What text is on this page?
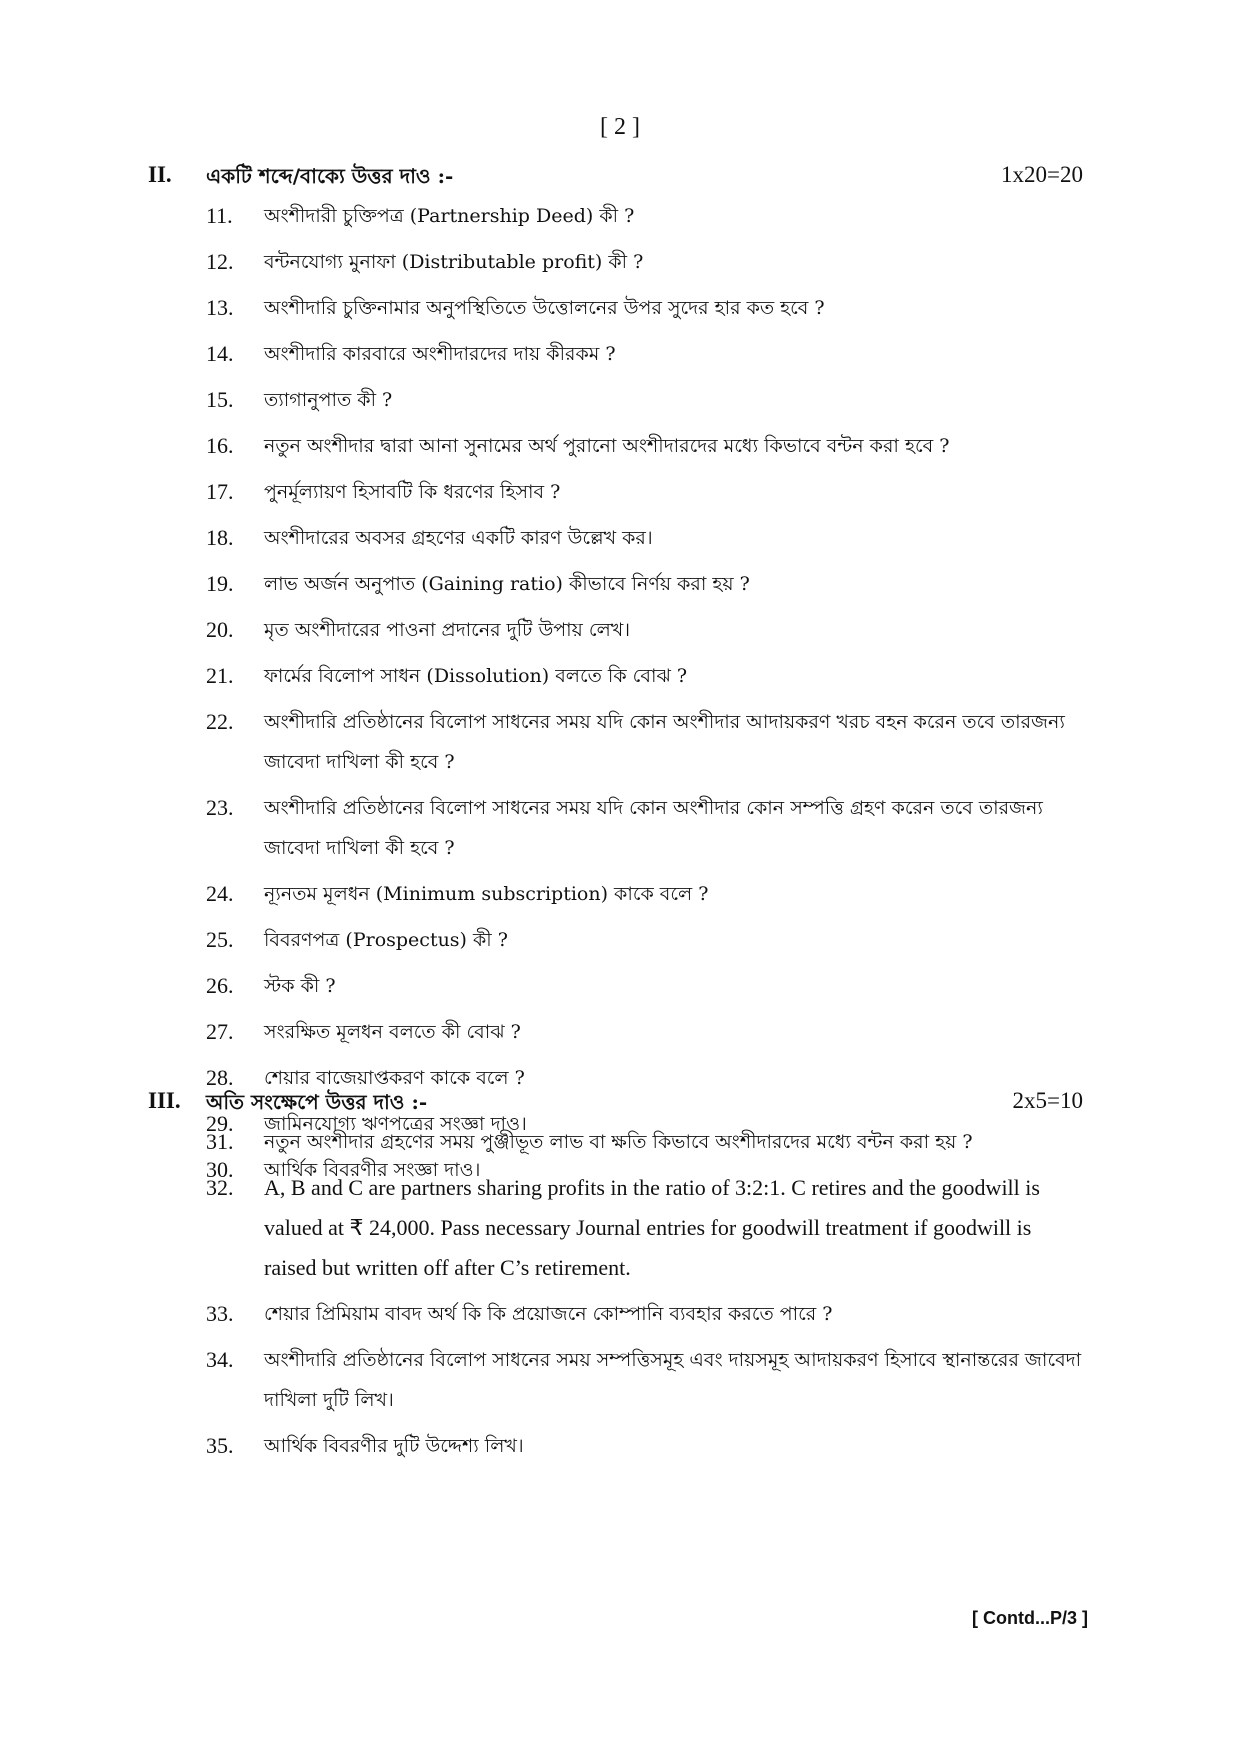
[ 2 ]
II. একটি শব্দে/বাক্যে উত্তর দাও :-	1x20=20
11. অংশীদারী চুক্তিপত্র (Partnership Deed) কী ?
12. বন্টনযোগ্য মুনাফা (Distributable profit) কী ?
13. অংশীদারি চুক্তিনামার অনুপস্থিতিতে উত্তোলনের উপর সুদের হার কত হবে ?
14. অংশীদারি কারবারে অংশীদারদের দায় কীরকম ?
15. ত্যাগানুপাত কী ?
16. নতুন অংশীদার দ্বারা আনা সুনামের অর্থ পুরানো অংশীদারদের মধ্যে কিভাবে বন্টন করা হবে ?
17. পুনর্মূল্যায়ণ হিসাবটি কি ধরণের হিসাব ?
18. অংশীদারের অবসর গ্রহণের একটি কারণ উল্লেখ কর।
19. লাভ অর্জন অনুপাত (Gaining ratio) কীভাবে নির্ণয় করা হয় ?
20. মৃত অংশীদারের পাওনা প্রদানের দুটি উপায় লেখ।
21. ফার্মের বিলোপ সাধন (Dissolution) বলতে কি বোঝ ?
22. অংশীদারি প্রতিষ্ঠানের বিলোপ সাধনের সময় যদি কোন অংশীদার আদায়করণ খরচ বহন করেন তবে তারজন্য জাবেদা দাখিলা কী হবে ?
23. অংশীদারি প্রতিষ্ঠানের বিলোপ সাধনের সময় যদি কোন অংশীদার কোন সম্পত্তি গ্রহণ করেন তবে তারজন্য জাবেদা দাখিলা কী হবে ?
24. ন্যূনতম মূলধন (Minimum subscription) কাকে বলে ?
25. বিবরণপত্র (Prospectus) কী ?
26. স্টক কী ?
27. সংরক্ষিত মূলধন বলতে কী বোঝ ?
28. শেয়ার বাজেয়াপ্তকরণ কাকে বলে ?
29. জামিনযোগ্য ঋণপত্রের সংজ্ঞা দাও।
30. আর্থিক বিবরণীর সংজ্ঞা দাও।
III. অতি সংক্ষেপে উত্তর দাও :-	2x5=10
31. নতুন অংশীদার গ্রহণের সময় পুঞ্জীভূত লাভ বা ক্ষতি কিভাবে অংশীদারদের মধ্যে বন্টন করা হয় ?
32. A, B and C are partners sharing profits in the ratio of 3:2:1. C retires and the goodwill is valued at ₹ 24,000. Pass necessary Journal entries for goodwill treatment if goodwill is raised but written off after C’s retirement.
33. শেয়ার প্রিমিয়াম বাবদ অর্থ কি কি প্রয়োজনে কোম্পানি ব্যবহার করতে পারে ?
34. অংশীদারি প্রতিষ্ঠানের বিলোপ সাধনের সময় সম্পত্তিসমূহ এবং দায়সমূহ আদায়করণ হিসাবে স্থানান্তরের জাবেদা দাখিলা দুটি লিখ।
35. আর্থিক বিবরণীর দুটি উদ্দেশ্য লিখ।
[ Contd...P/3 ]
